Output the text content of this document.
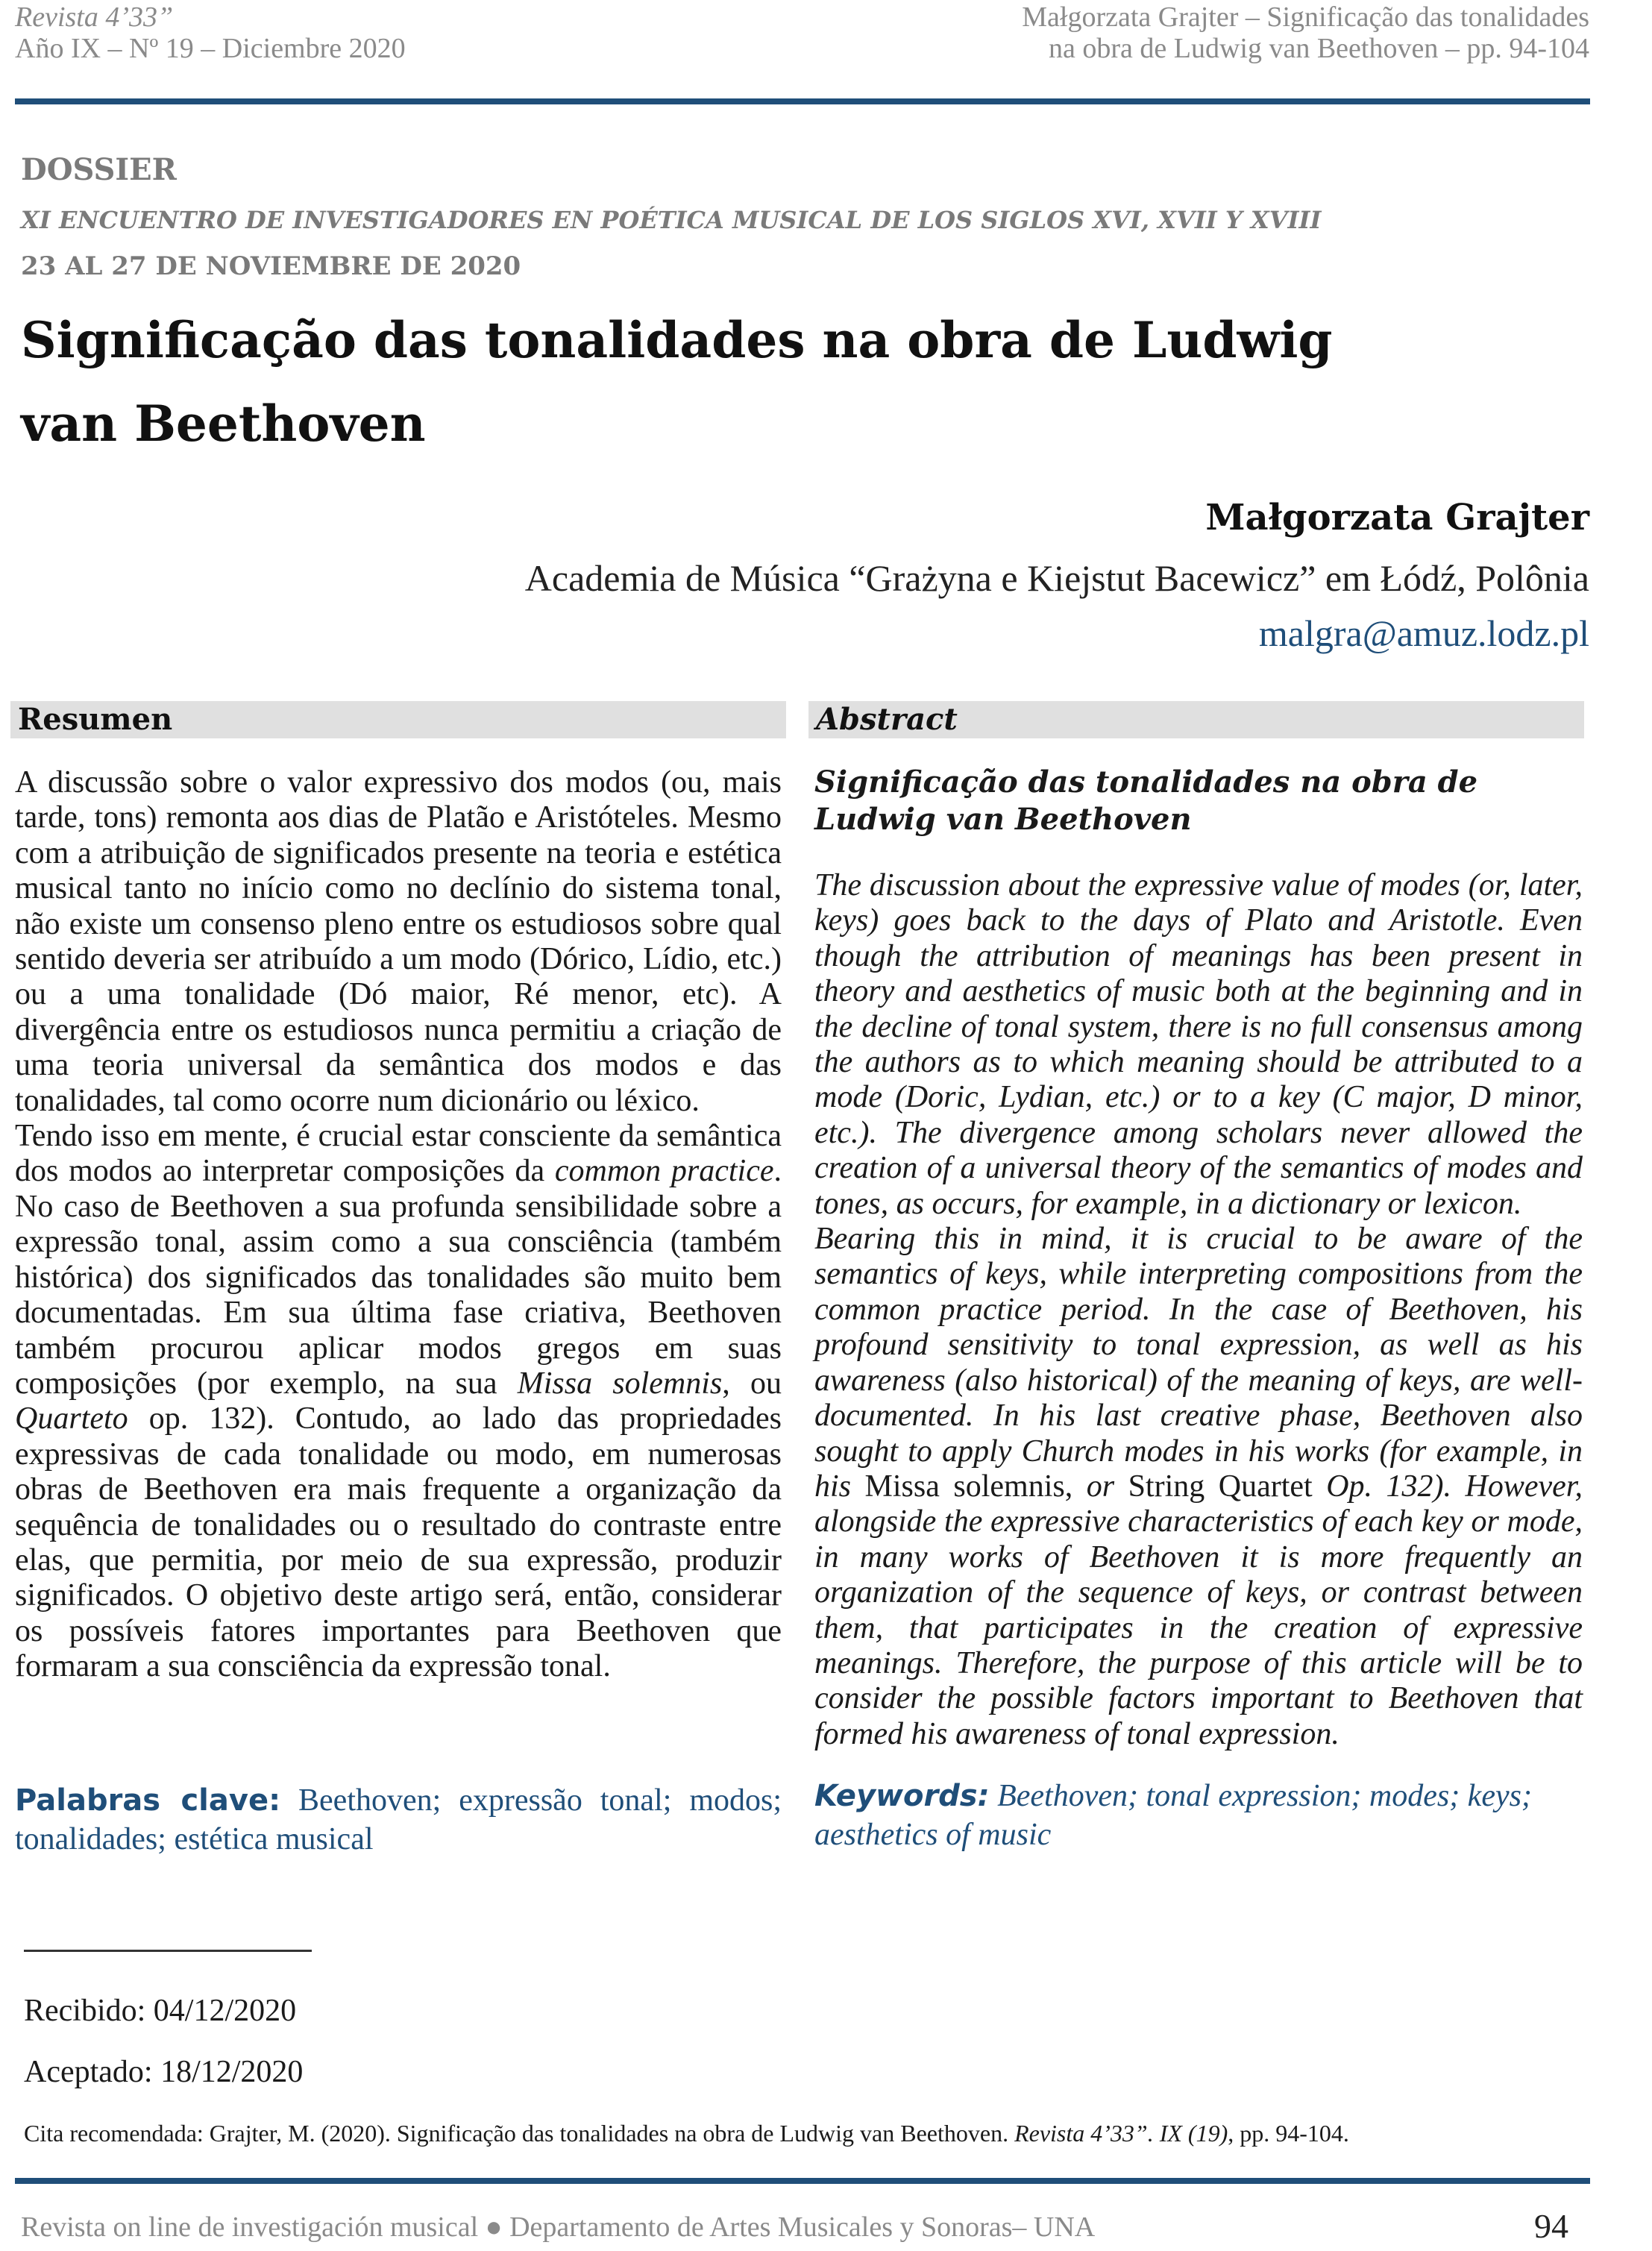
Revista 4’33”
Año IX – Nº 19 – Diciembre 2020
Małgorzata Grajter – Significação das tonalidades
na obra de Ludwig van Beethoven – pp. 94-104
DOSSIER
XI ENCUENTRO DE INVESTIGADORES EN POÉTICA MUSICAL DE LOS SIGLOS XVI, XVII Y XVIII
23 AL 27 DE NOVIEMBRE DE 2020
Significação das tonalidades na obra de Ludwig van Beethoven
Małgorzata Grajter
Academia de Música “Grażyna e Kiejstut Bacewicz” em Łódź, Polônia
malgra@amuz.lodz.pl
Resumen	Abstract

A discussão sobre o valor expressivo dos modos (ou, mais tarde, tons) remonta aos dias de Platão e Aristóteles. Mesmo com a atribuição de significados presente na teoria e estética musical tanto no início como no declínio do sistema tonal, não existe um consenso pleno entre os estudiosos sobre qual sentido deveria ser atribuído a um modo (Dórico, Lídio, etc.) ou a uma tonalidade (Dó maior, Ré menor, etc). A divergência entre os estudiosos nunca permitiu a criação de uma teoria universal da semântica dos modos e das tonalidades, tal como ocorre num dicionário ou léxico.

Tendo isso em mente, é crucial estar consciente da semântica dos modos ao interpretar composições da common practice. No caso de Beethoven a sua profunda sensibilidade sobre a expressão tonal, assim como a sua consciência (também histórica) dos significados das tonalidades são muito bem documentadas. Em sua última fase criativa, Beethoven também procurou aplicar modos gregos em suas composições (por exemplo, na sua Missa solemnis, ou Quarteto op. 132). Contudo, ao lado das propriedades expressivas de cada tonalidade ou modo, em numerosas obras de Beethoven era mais frequente a organização da sequência de tonalidades ou o resultado do contraste entre elas, que permitia, por meio de sua expressão, produzir significados. O objetivo deste artigo será, então, considerar os possíveis fatores importantes para Beethoven que formaram a sua consciência da expressão tonal.

Palabras clave: Beethoven; expressão tonal; modos; tonalidades; estética musical
Significação das tonalidades na obra de Ludwig van Beethoven

The discussion about the expressive value of modes (or, later, keys) goes back to the days of Plato and Aristotle. Even though the attribution of meanings has been present in theory and aesthetics of music both at the beginning and in the decline of tonal system, there is no full consensus among the authors as to which meaning should be attributed to a mode (Doric, Lydian, etc.) or to a key (C major, D minor, etc.). The divergence among scholars never allowed the creation of a universal theory of the semantics of modes and tones, as occurs, for example, in a dictionary or lexicon.

Bearing this in mind, it is crucial to be aware of the semantics of keys, while interpreting compositions from the common practice period. In the case of Beethoven, his profound sensitivity to tonal expression, as well as his awareness (also historical) of the meaning of keys, are well-documented. In his last creative phase, Beethoven also sought to apply Church modes in his works (for example, in his Missa solemnis, or String Quartet Op. 132). However, alongside the expressive characteristics of each key or mode, in many works of Beethoven it is more frequently an organization of the sequence of keys, or contrast between them, that participates in the creation of expressive meanings. Therefore, the purpose of this article will be to consider the possible factors important to Beethoven that formed his awareness of tonal expression.

Keywords: Beethoven; tonal expression; modes; keys; aesthetics of music
Recibido: 04/12/2020
Aceptado: 18/12/2020
Cita recomendada: Grajter, M. (2020). Significação das tonalidades na obra de Ludwig van Beethoven. Revista 4’33”. IX (19), pp. 94-104.
Revista on line de investigación musical ● Departamento de Artes Musicales y Sonoras– UNA	94
